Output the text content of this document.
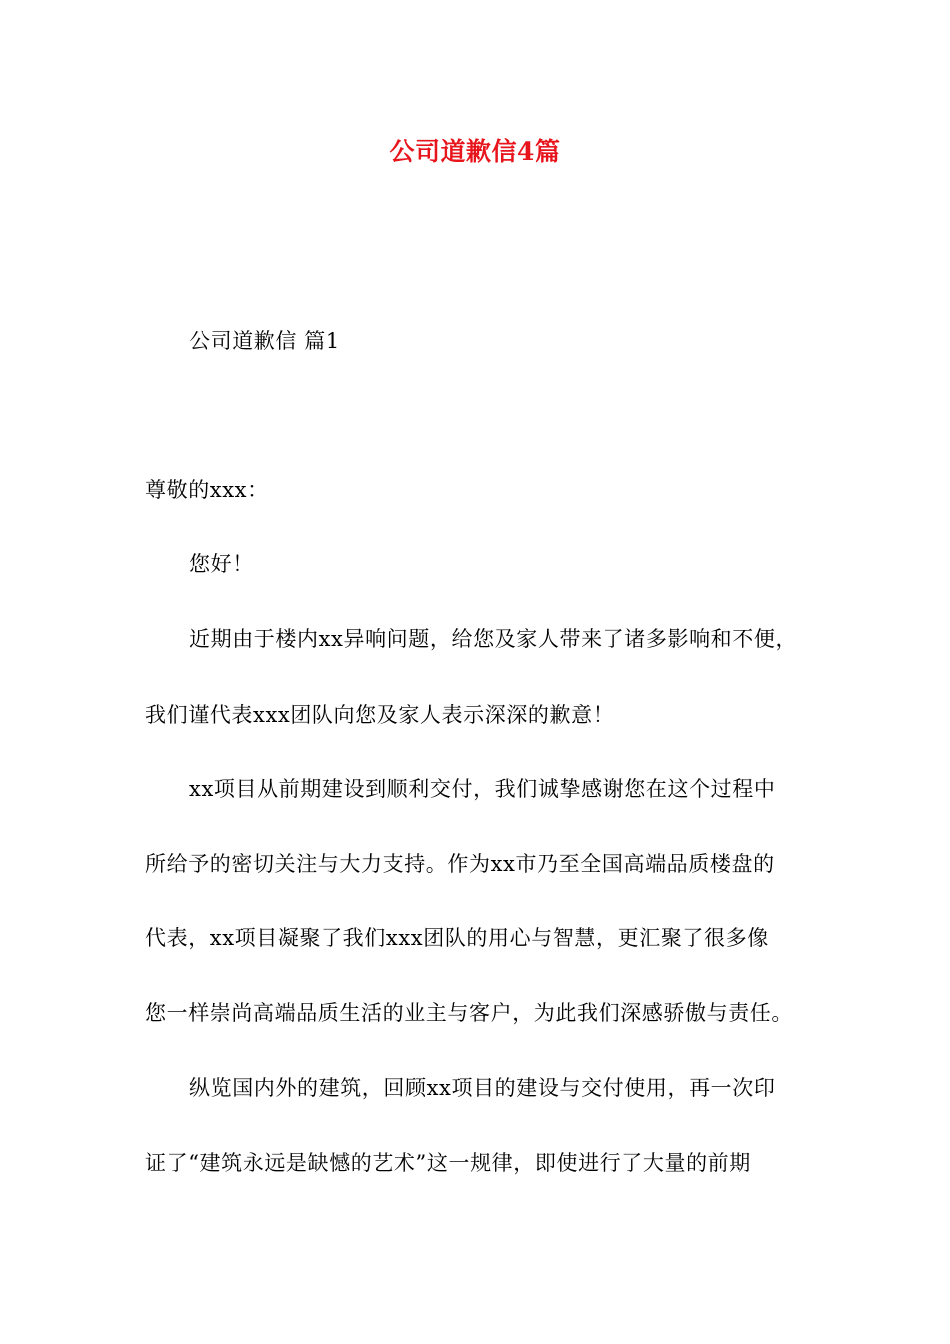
公司道歉信4篇
公司道歉信 篇1
尊敬的xxx：
您好！
近期由于楼内xx异响问题，给您及家人带来了诸多影响和不便，
我们谨代表xxx团队向您及家人表示深深的歉意！
xx项目从前期建设到顺利交付，我们诚挚感谢您在这个过程中
所给予的密切关注与大力支持。作为xx市乃至全国高端品质楼盘的
代表，xx项目凝聚了我们xxx团队的用心与智慧，更汇聚了很多像
您一样崇尚高端品质生活的业主与客户，为此我们深感骄傲与责任。
纵览国内外的建筑，回顾xx项目的建设与交付使用，再一次印
证了“建筑永远是缺憾的艺术”这一规律，即使进行了大量的前期
